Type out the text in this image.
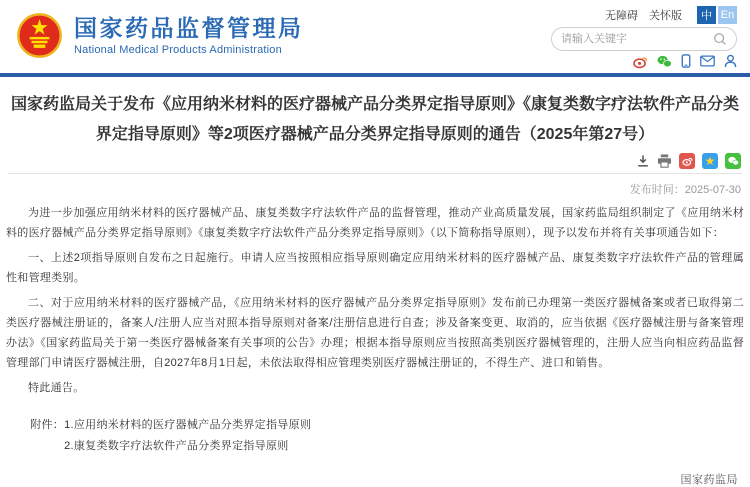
国家药品监督管理局
National Medical Products Administration
无障碍 关怀版	中 En
请输入关键字
国家药监局关于发布《应用纳米材料的医疗器械产品分类界定指导原则》《康复类数字疗法软件产品分类界定指导原则》等2项医疗器械产品分类界定指导原则的通告（2025年第27号）
★
发布时间：2025-07-30

为进一步加强应用纳米材料的医疗器械产品、康复类数字疗法软件产品的监督管理，推动产业高质量发展，国家药监局组织制定了《应用纳米材料的医疗器械产品分类界定指导原则》《康复类数字疗法软件产品分类界定指导原则》（以下简称指导原则），现予以发布并将有关事项通告如下：

一、上述2项指导原则自发布之日起施行。申请人应当按照相应指导原则确定应用纳米材料的医疗器械产品、康复类数字疗法软件产品的管理属性和管理类别。

二、对于应用纳米材料的医疗器械产品，《应用纳米材料的医疗器械产品分类界定指导原则》发布前已办理第一类医疗器械备案或者已取得第二类医疗器械注册证的，备案人/注册人应当对照本指导原则对备案/注册信息进行自查；涉及备案变更、取消的，应当依据《医疗器械注册与备案管理办法》《国家药监局关于第一类医疗器械备案有关事项的公告》办理；根据本指导原则应当按照高类别医疗器械管理的，注册人应当向相应药品监督管理部门申请医疗器械注册，自2027年8月1日起，未依法取得相应管理类别医疗器械注册证的，不得生产、进口和销售。

特此通告。

附件： 1.应用纳米材料的医疗器械产品分类界定指导原则
2.康复类数字疗法软件产品分类界定指导原则
国家药监局
